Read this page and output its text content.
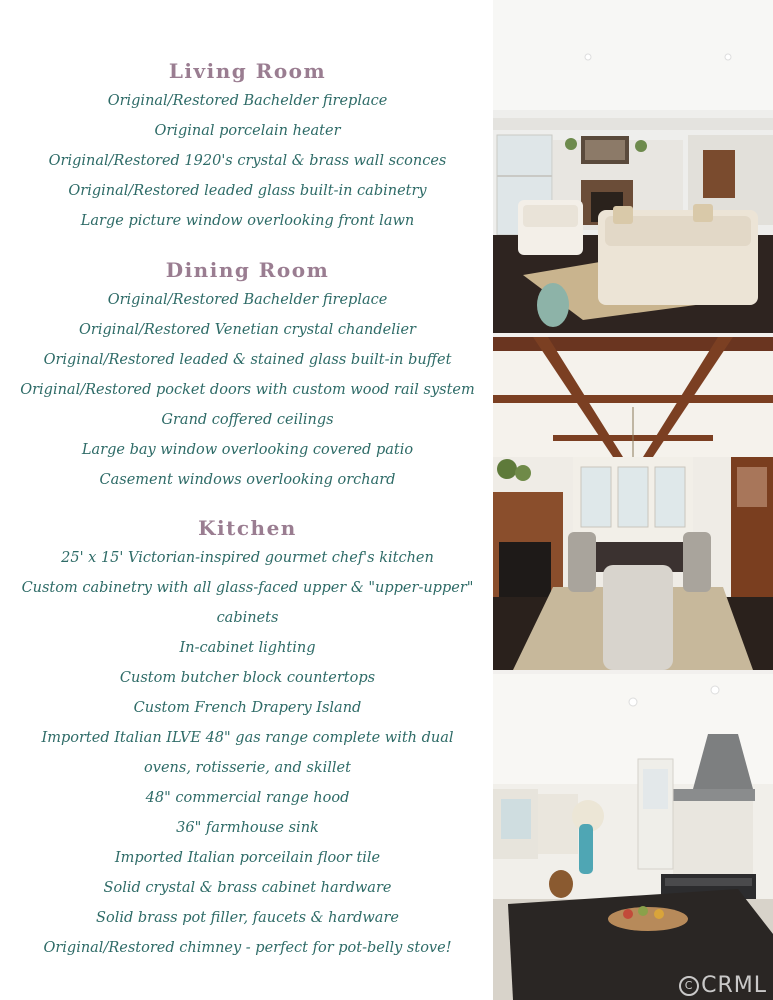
Living Room

Original/Restored Bachelder fireplace

Original porcelain heater

Original/Restored 1920's crystal & brass wall sconces

Original/Restored leaded glass built-in cabinetry

Large picture window overlooking front lawn

Dining Room

Original/Restored Bachelder fireplace

Original/Restored Venetian crystal chandelier

Original/Restored leaded & stained glass built-in buffet

Original/Restored pocket doors with custom wood rail system

Grand coffered ceilings

Large bay window overlooking covered patio

Casement windows overlooking orchard

Kitchen

25' x 15' Victorian-inspired gourmet chef's kitchen

Custom cabinetry with all glass-faced upper & "upper-upper"

cabinets

In-cabinet lighting

Custom butcher block countertops

Custom French Drapery Island

Imported Italian ILVE 48" gas range complete with dual

ovens, rotisserie, and skillet

48" commercial range hood

36" farmhouse sink

Imported Italian porceilain floor tile

Solid crystal & brass cabinet hardware

Solid brass pot filler, faucets & hardware

Original/Restored chimney - perfect for pot-belly stove!

C CRML
